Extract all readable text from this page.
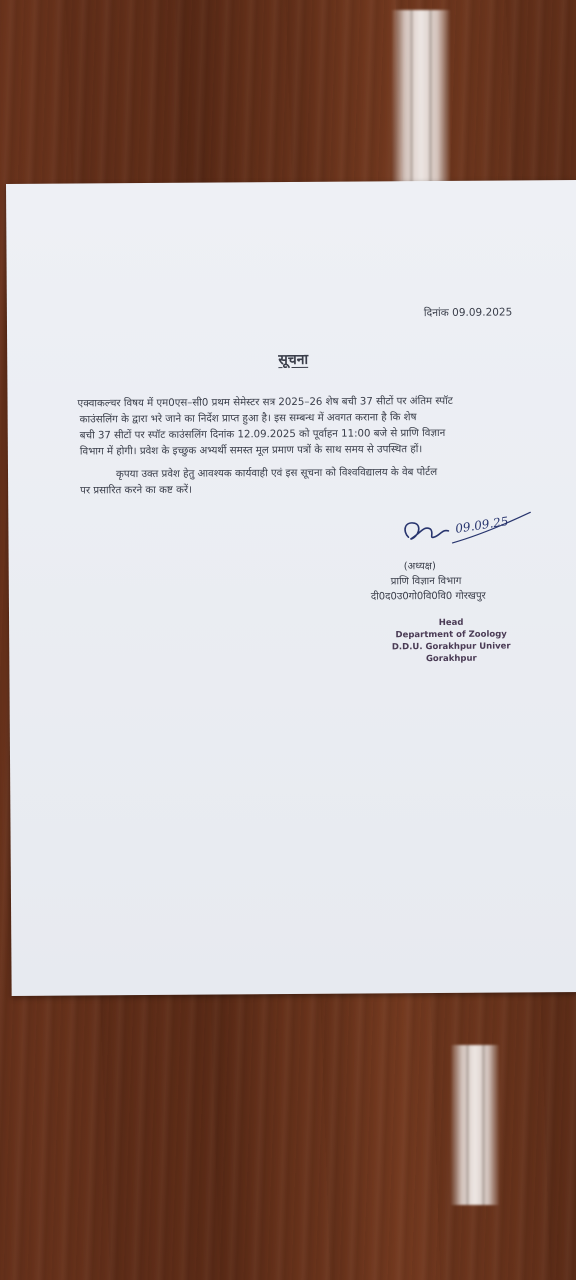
दिनांक 09.09.2025
सूचना
एक्वाकल्चर विषय में एम0एस–सी0 प्रथम सेमेस्टर सत्र 2025–26 शेष बची 37 सीटों पर अंतिम स्पॉट
काउंसलिंग के द्वारा भरे जाने का निर्देश प्राप्त हुआ है। इस सम्बन्ध में अवगत कराना है कि शेष
बची 37 सीटों पर स्पॉट काउंसलिंग दिनांक 12.09.2025 को पूर्वाहन 11:00 बजे से प्राणि विज्ञान
विभाग में होगी। प्रवेश के इच्छुक अभ्यर्थी समस्त मूल प्रमाण पत्रों के साथ समय से उपस्थित हों।
कृपया उक्त प्रवेश हेतु आवश्यक कार्यवाही एवं इस सूचना को विश्वविद्यालय के वेब पोर्टल
पर प्रसारित करने का कष्ट करें।
09.09.25
(अध्यक्ष)
प्राणि विज्ञान विभाग
दी0द0उ0गो0वि0वि0 गोरखपुर
Head
Department of Zoology
D.D.U. Gorakhpur Univer
Gorakhpur
